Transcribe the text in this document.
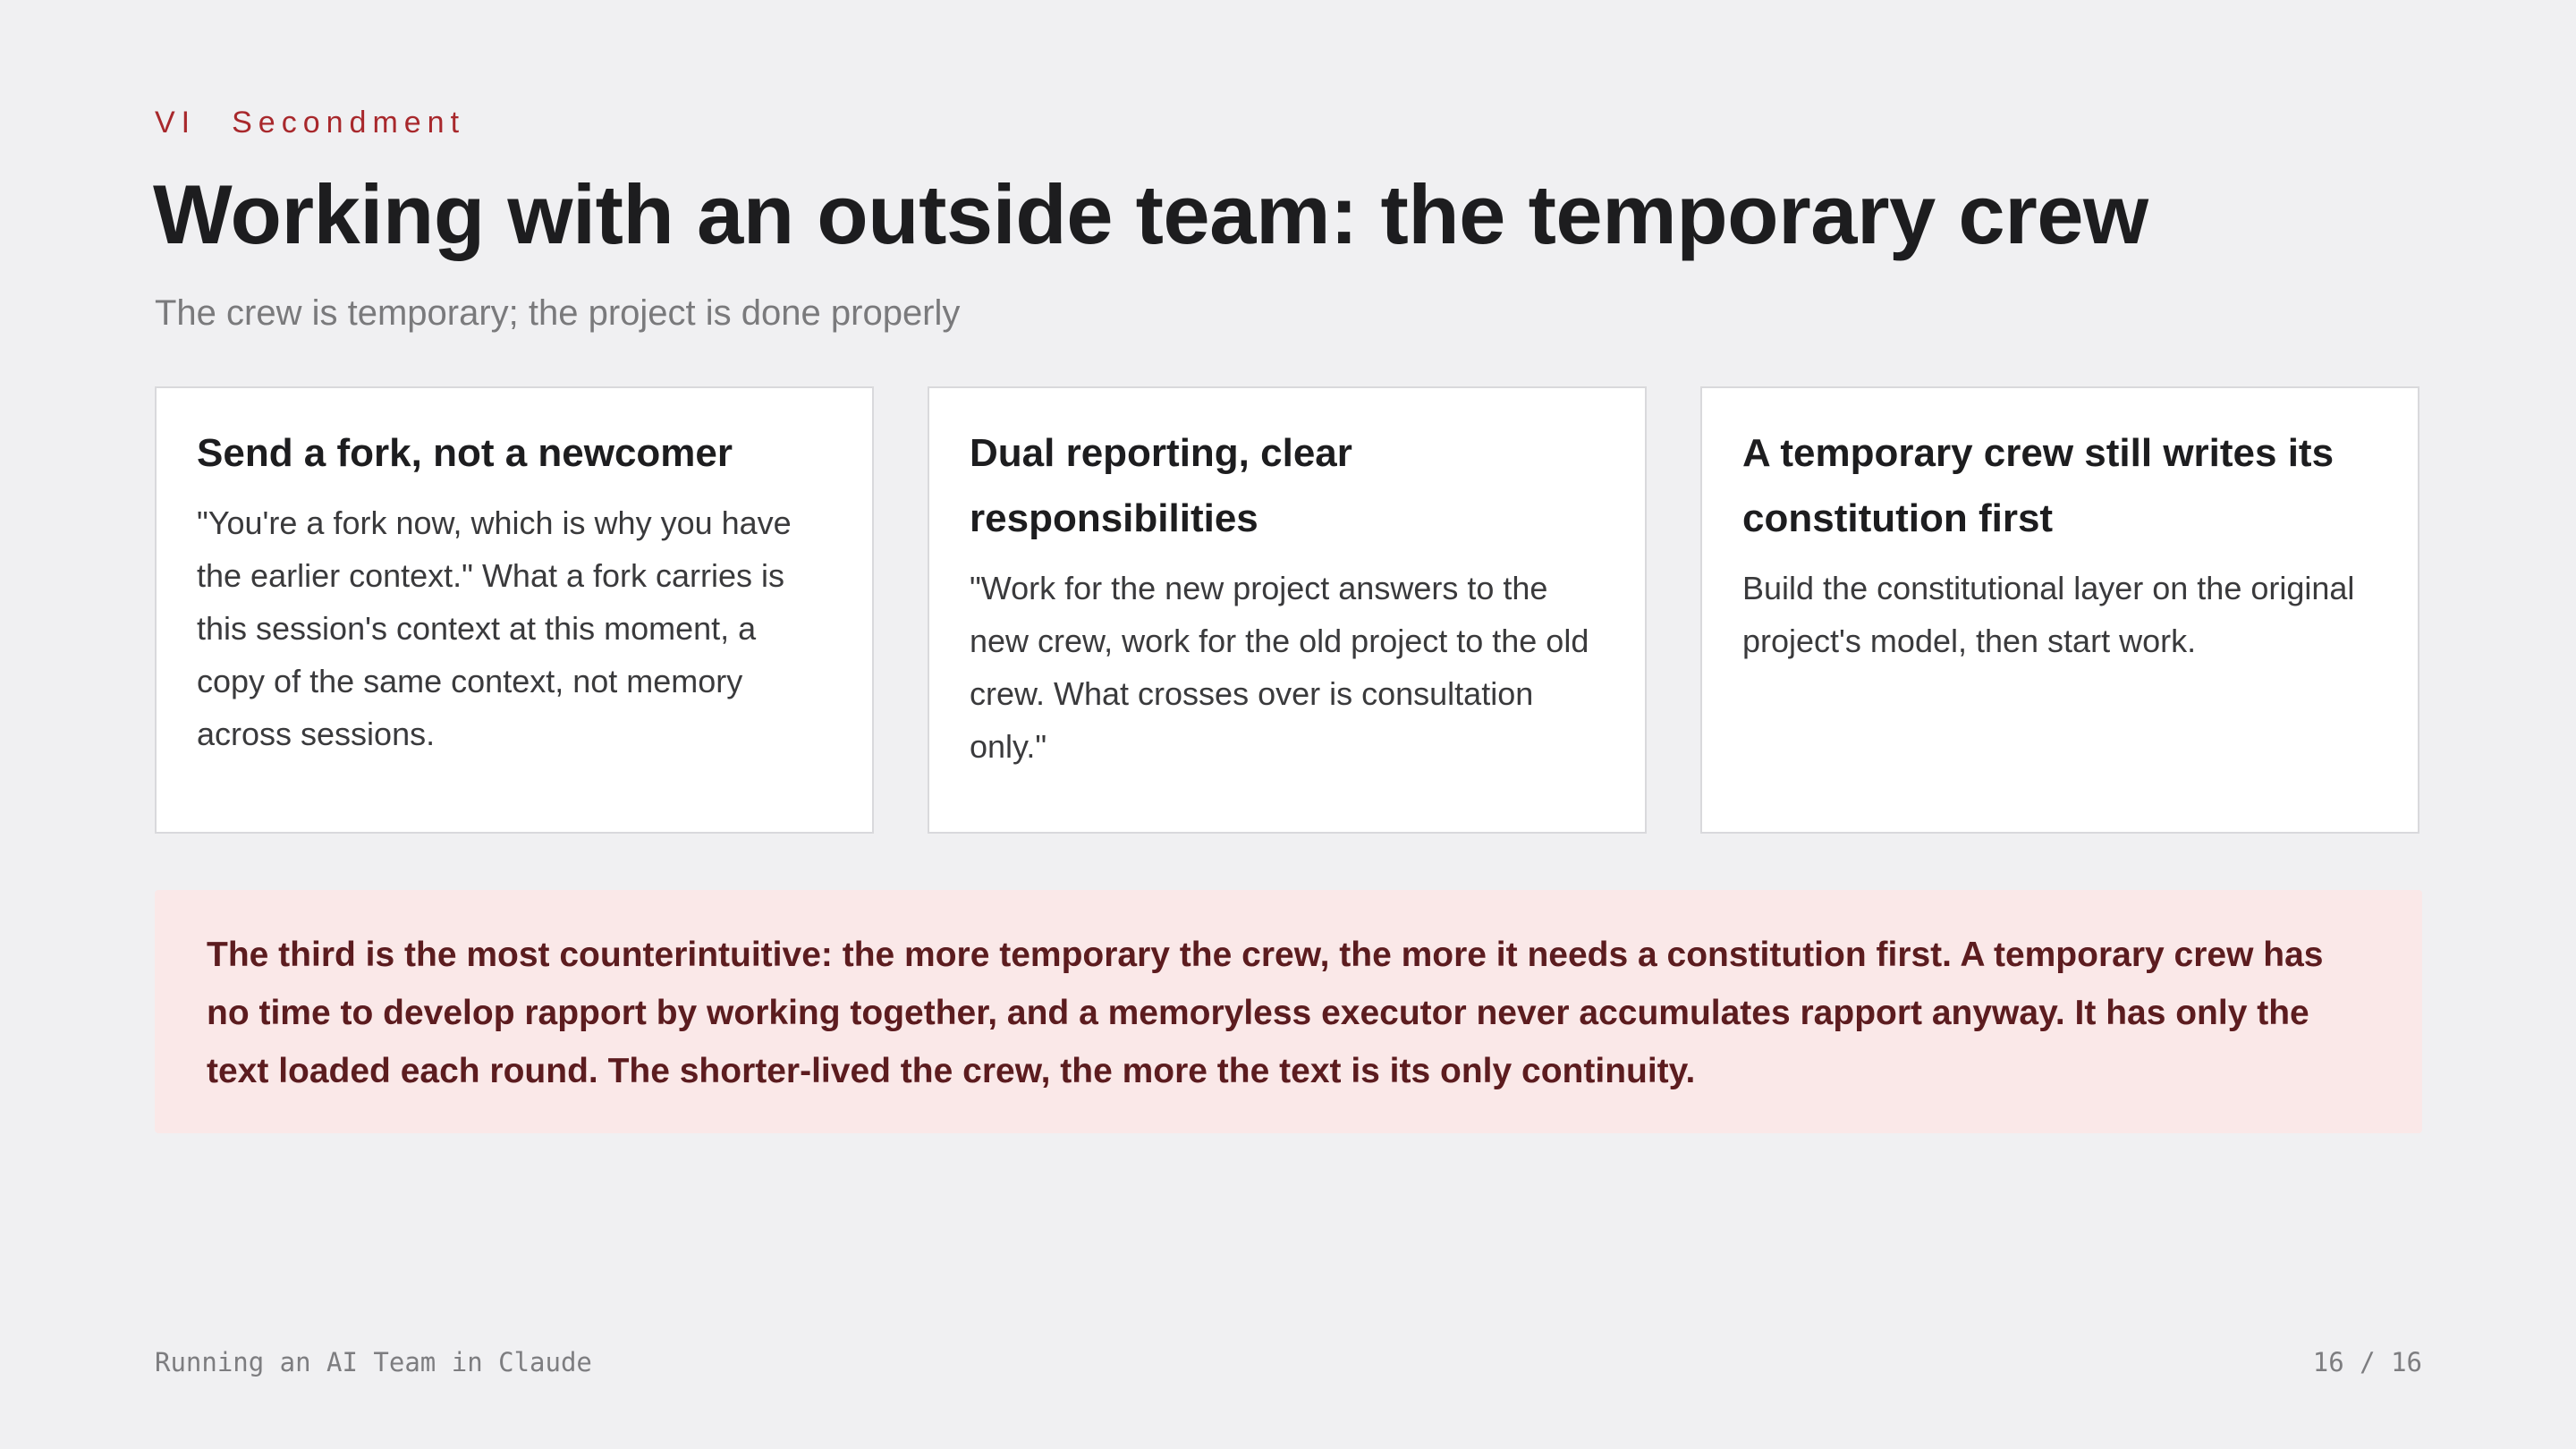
VI Secondment
Working with an outside team: the temporary crew
The crew is temporary; the project is done properly
Send a fork, not a newcomer

"You're a fork now, which is why you have the earlier context." What a fork carries is this session's context at this moment, a copy of the same context, not memory across sessions.

Dual reporting, clear responsibilities

"Work for the new project answers to the new crew, work for the old project to the old crew. What crosses over is consultation only."

A temporary crew still writes its constitution first

Build the constitutional layer on the original project's model, then start work.

The third is the most counterintuitive: the more temporary the crew, the more it needs a constitution first. A temporary crew has no time to develop rapport by working together, and a memoryless executor never accumulates rapport anyway. It has only the text loaded each round. The shorter-lived the crew, the more the text is its only continuity.

Running an AI Team in Claude	16 / 16
